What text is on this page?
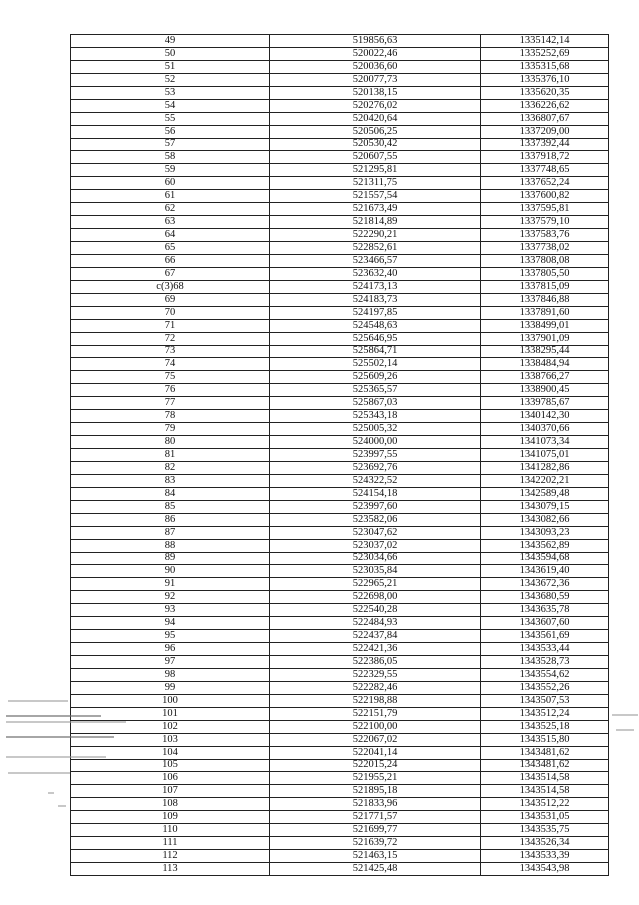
49	519856,63	1335142,14
50	520022,46	1335252,69
51	520036,60	1335315,68
52	520077,73	1335376,10
53	520138,15	1335620,35
54	520276,02	1336226,62
55	520420,64	1336807,67
56	520506,25	1337209,00
57	520530,42	1337392,44
58	520607,55	1337918,72
59	521295,81	1337748,65
60	521311,75	1337652,24
61	521557,54	1337600,82
62	521673,49	1337595,81
63	521814,89	1337579,10
64	522290,21	1337583,76
65	522852,61	1337738,02
66	523466,57	1337808,08
67	523632,40	1337805,50
c(3)68	524173,13	1337815,09
69	524183,73	1337846,88
70	524197,85	1337891,60
71	524548,63	1338499,01
72	525646,95	1337901,09
73	525864,71	1338295,44
74	525502,14	1338484,94
75	525609,26	1338766,27
76	525365,57	1338900,45
77	525867,03	1339785,67
78	525343,18	1340142,30
79	525005,32	1340370,66
80	524000,00	1341073,34
81	523997,55	1341075,01
82	523692,76	1341282,86
83	524322,52	1342202,21
84	524154,18	1342589,48
85	523997,60	1343079,15
86	523582,06	1343082,66
87	523047,62	1343093,23
88	523037,02	1343562,89
89	523034,66	1343594,68
90	523035,84	1343619,40
91	522965,21	1343672,36
92	522698,00	1343680,59
93	522540,28	1343635,78
94	522484,93	1343607,60
95	522437,84	1343561,69
96	522421,36	1343533,44
97	522386,05	1343528,73
98	522329,55	1343554,62
99	522282,46	1343552,26
100	522198,88	1343507,53
101	522151,79	1343512,24
102	522100,00	1343525,18
103	522067,02	1343515,80
104	522041,14	1343481,62
105	522015,24	1343481,62
106	521955,21	1343514,58
107	521895,18	1343514,58
108	521833,96	1343512,22
109	521771,57	1343531,05
110	521699,77	1343535,75
111	521639,72	1343526,34
112	521463,15	1343533,39
113	521425,48	1343543,98
